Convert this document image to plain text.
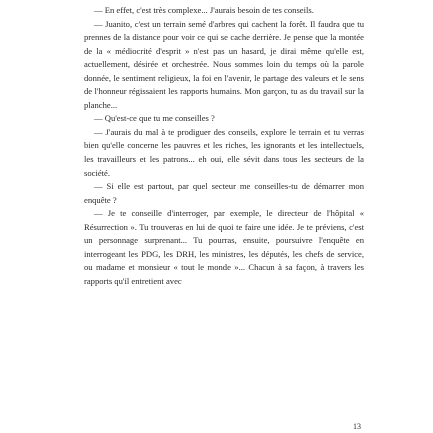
— En effet, c'est très complexe... J'aurais besoin de tes conseils.

— Juanito, c'est un terrain semé d'arbres qui cachent la forêt. Il faudra que tu prennes de la distance pour voir ce qui se cache derrière. Je pense que la montée de la « médiocrité d'esprit » n'est pas un hasard, je dirai même qu'elle est, actuellement, désirée et orchestrée. Nous sommes loin du temps où la parole donnée, le sentiment religieux, la foi en l'avenir, le partage des valeurs et le sens de l'honneur régissaient les rapports humains. Mon garçon, tu as du travail sur la planche...

— Qu'est-ce que tu me conseilles ?

— J'aurais du mal à te prodiguer des conseils, explore le terrain et tu verras bien qu'elle concerne les pauvres et les riches, les ignorants et les intellectuels, les travailleurs et les patrons... eh oui, elle sévit dans tous les secteurs de la société.

— Si elle est partout, par quel secteur me conseilles-tu de démarrer mon enquête ?

— Je te conseille d'interroger, par exemple, le directeur de l'hôpital « Résurrection ». Tu trouveras en lui de quoi te faire une idée. Je te préviens, c'est un personnage surprenant... Tu pourras, ensuite, poursuivre l'enquête en interrogeant les PDG, les DRH, les ministres, les députés, les chefs de service, ou madame et monsieur « tout le monde »... Chacun à sa façon, à travers les rapports qu'il entretient avec

13
